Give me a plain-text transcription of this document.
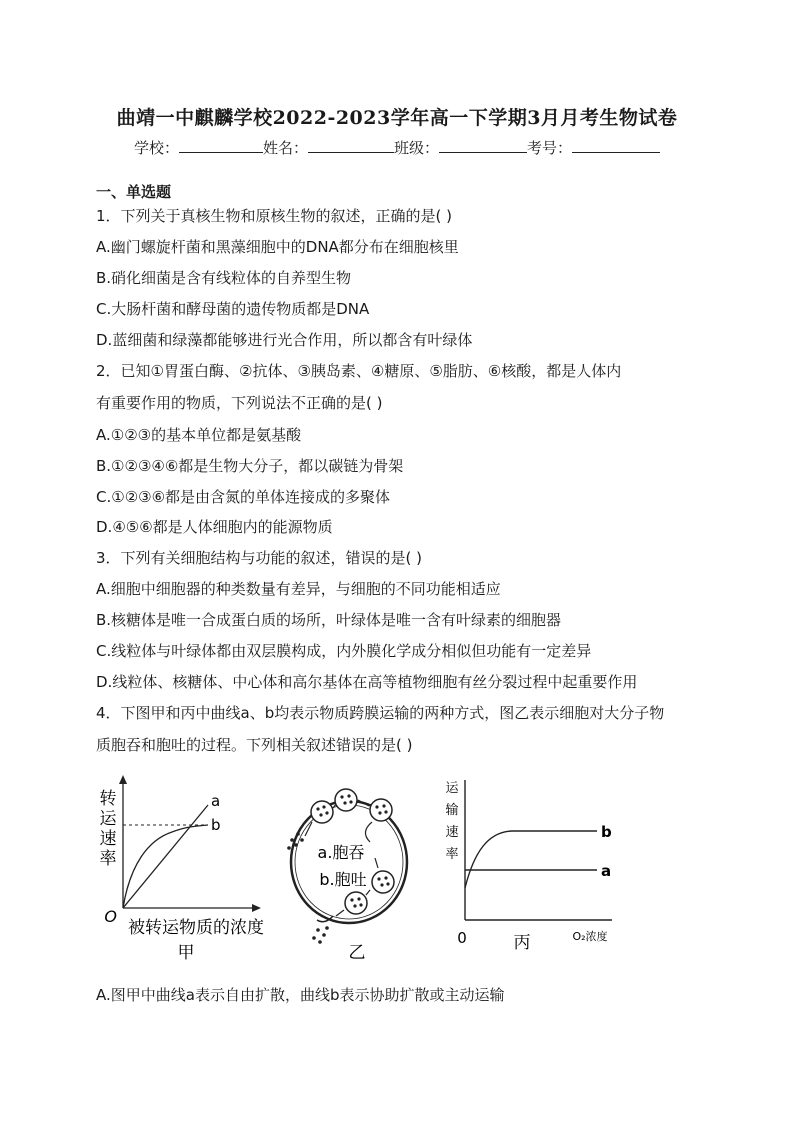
曲靖一中麒麟学校2022-2023学年高一下学期3月月考生物试卷
学校：	姓名：	班级：	考号：
一、单选题
1．下列关于真核生物和原核生物的叙述，正确的是( )
A.幽门螺旋杆菌和黑藻细胞中的DNA都分布在细胞核里
B.硝化细菌是含有线粒体的自养型生物
C.大肠杆菌和酵母菌的遗传物质都是DNA
D.蓝细菌和绿藻都能够进行光合作用，所以都含有叶绿体
2．已知①胃蛋白酶、②抗体、③胰岛素、④糖原、⑤脂肪、⑥核酸，都是人体内
有重要作用的物质，下列说法不正确的是( )
A.①②③的基本单位都是氨基酸
B.①②③④⑥都是生物大分子，都以碳链为骨架
C.①②③⑥都是由含氮的单体连接成的多聚体
D.④⑤⑥都是人体细胞内的能源物质
3．下列有关细胞结构与功能的叙述，错误的是( )
A.细胞中细胞器的种类数量有差异，与细胞的不同功能相适应
B.核糖体是唯一合成蛋白质的场所，叶绿体是唯一含有叶绿素的细胞器
C.线粒体与叶绿体都由双层膜构成，内外膜化学成分相似但功能有一定差异
D.线粒体、核糖体、中心体和高尔基体在高等植物细胞有丝分裂过程中起重要作用
4．下图甲和丙中曲线a、b均表示物质跨膜运输的两种方式，图乙表示细胞对大分子物
质胞吞和胞吐的过程。下列相关叙述错误的是( )
转
运
速
率
O
a
b
被转运物质的浓度
甲
a.胞吞
b.胞吐
乙
运
输
速
率
0
b
a
丙	O₂浓度
A.图甲中曲线a表示自由扩散，曲线b表示协助扩散或主动运输
